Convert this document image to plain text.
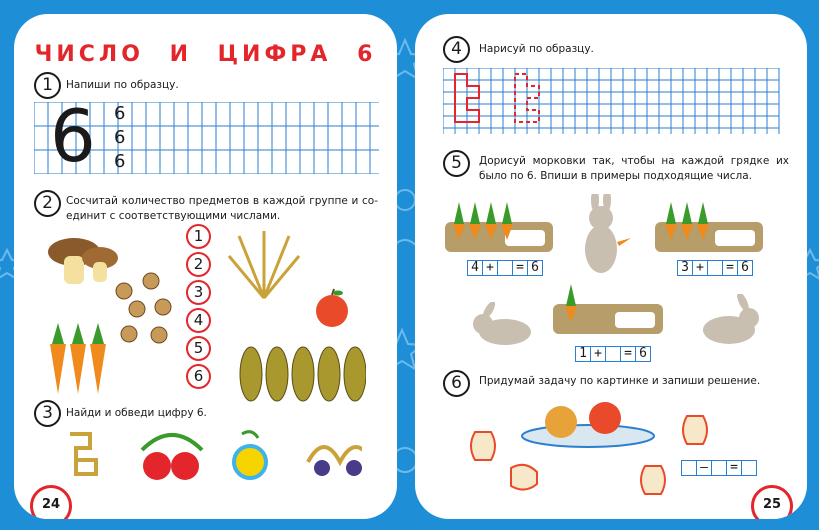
ЧИСЛО И ЦИФРА 6
1	Напиши по образцу.
6 6
6
6
2	Сосчитай количество предметов в каждой группе и со-единит с соответствующими числами.
1
2
3
4
5
6
3	Найди и обведи цифру 6.
24
4	Нарисуй по образцу.
5	Дорисуй морковки так, чтобы на каждой грядке их было по 6. Впиши в примеры подходящие числа.
4 +	= 6	3 +	= 6
1 +	= 6
6	Придумай задачу по картинке и запиши решение.
–	=
25
